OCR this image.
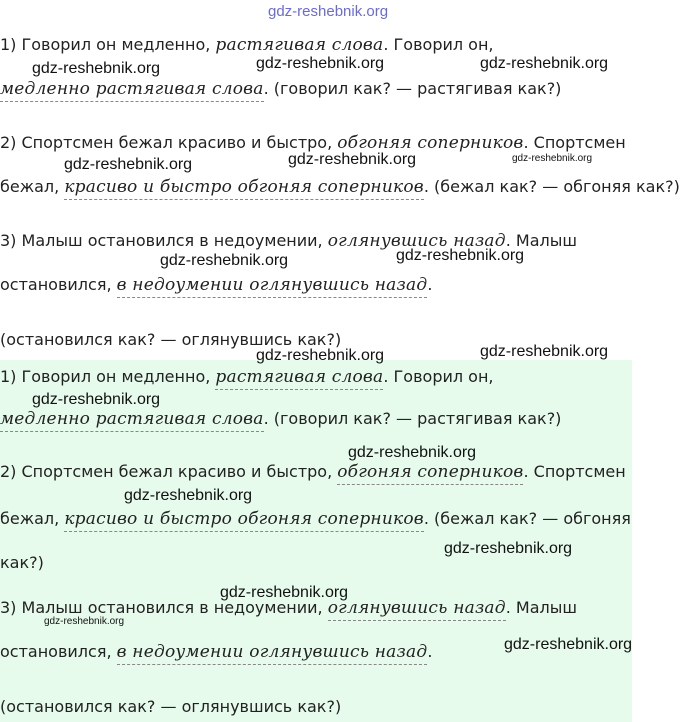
gdz-reshebnik.org
1) Говорил он медленно, растягивая слова. Говорил он,
медленно растягивая слова. (говорил как? — растягивая как?)
2) Спортсмен бежал красиво и быстро, обгоняя соперников. Спортсмен
бежал, красиво и быстро обгоняя соперников. (бежал как? — обгоняя как?)
3) Малыш остановился в недоумении, оглянувшись назад. Малыш
остановился, в недоумении оглянувшись назад.
(остановился как? — оглянувшись как?)
1) Говорил он медленно, растягивая слова. Говорил он,
медленно растягивая слова. (говорил как? — растягивая как?)
2) Спортсмен бежал красиво и быстро, обгоняя соперников. Спортсмен
бежал, красиво и быстро обгоняя соперников. (бежал как? — обгоняя
как?)
3) Малыш остановился в недоумении, оглянувшись назад. Малыш
остановился, в недоумении оглянувшись назад.
(остановился как? — оглянувшись как?)
gdz-reshebnik.org	gdz-reshebnik.org	gdz-reshebnik.org
gdz-reshebnik.org	gdz-reshebnik.org	gdz-reshebnik.org
gdz-reshebnik.org	gdz-reshebnik.org
gdz-reshebnik.org	gdz-reshebnik.org
gdz-reshebnik.org
gdz-reshebnik.org
gdz-reshebnik.org
gdz-reshebnik.org
gdz-reshebnik.org
gdz-reshebnik.org
gdz-reshebnik.org
